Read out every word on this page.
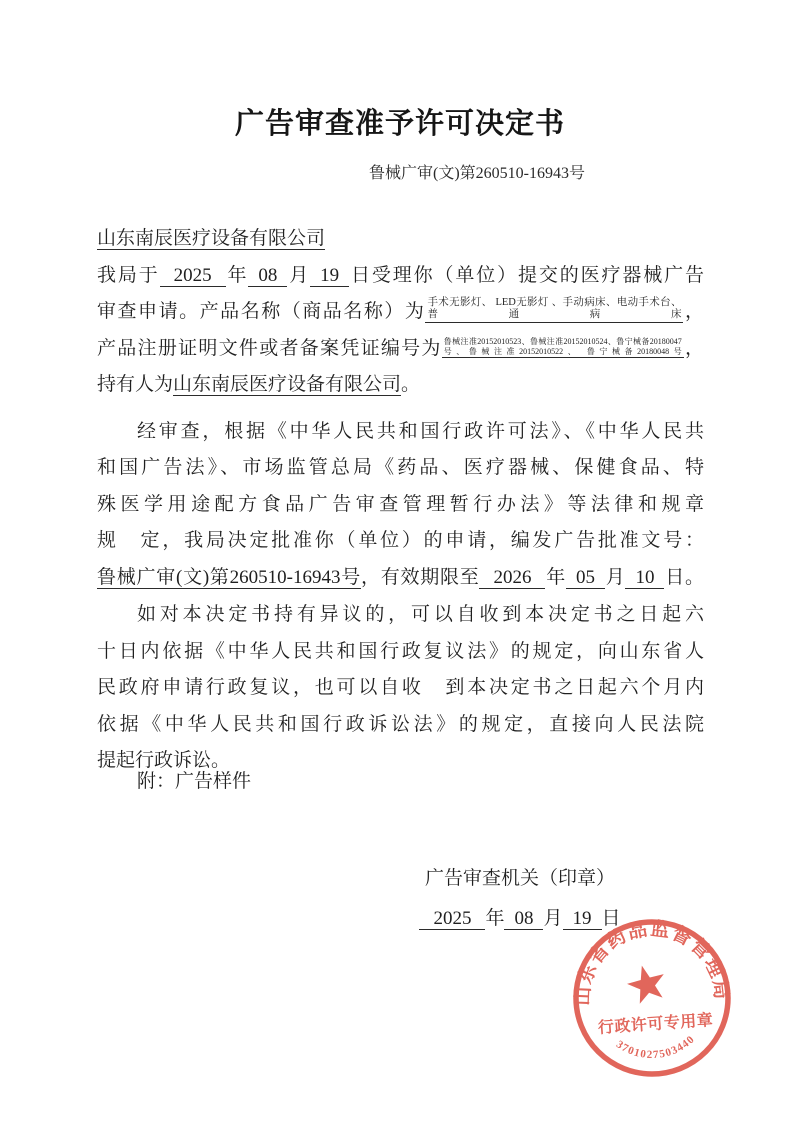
广告审查准予许可决定书
鲁械广审(文)第260510-16943号
山东南辰医疗设备有限公司
我局于 2025 年 08 月 19 日受理你（单位）提交的医疗器械广告
审查申请。产品名称（商品名称）为 手术无影灯、 LED无影灯 、手动病床、电动手术台、普通病床 ，
产品注册证明文件或者备案凭证编号为 鲁械注准20152010523、鲁械注准20152010524、鲁宁械备20180047号、鲁械注准20152010522、 鲁宁械备20180048号 ，
持有人为山东南辰医疗设备有限公司。
经审查，根据《中华人民共和国行政许可法》、《中华人民共
和国广告法》、市场监管总局《药品、医疗器械、保健食品、特
殊医学用途配方食品广告审查管理暂行办法》等法律和规章
规　定，我局决定批准你（单位）的申请，编发广告批准文号：
鲁械广审(文)第260510-16943号，有效期限至 2026 年 05 月 10 日。
如对本决定书持有异议的，可以自收到本决定书之日起六
十日内依据《中华人民共和国行政复议法》的规定，向山东省人
民政府申请行政复议，也可以自收　到本决定书之日起六个月内
依据《中华人民共和国行政诉讼法》的规定，直接向人民法院
提起行政诉讼。
附：广告样件
广告审查机关（印章）
2025 年 08 月 19 日
山东省药品监督管理局
行政许可专用章
3701027503440
